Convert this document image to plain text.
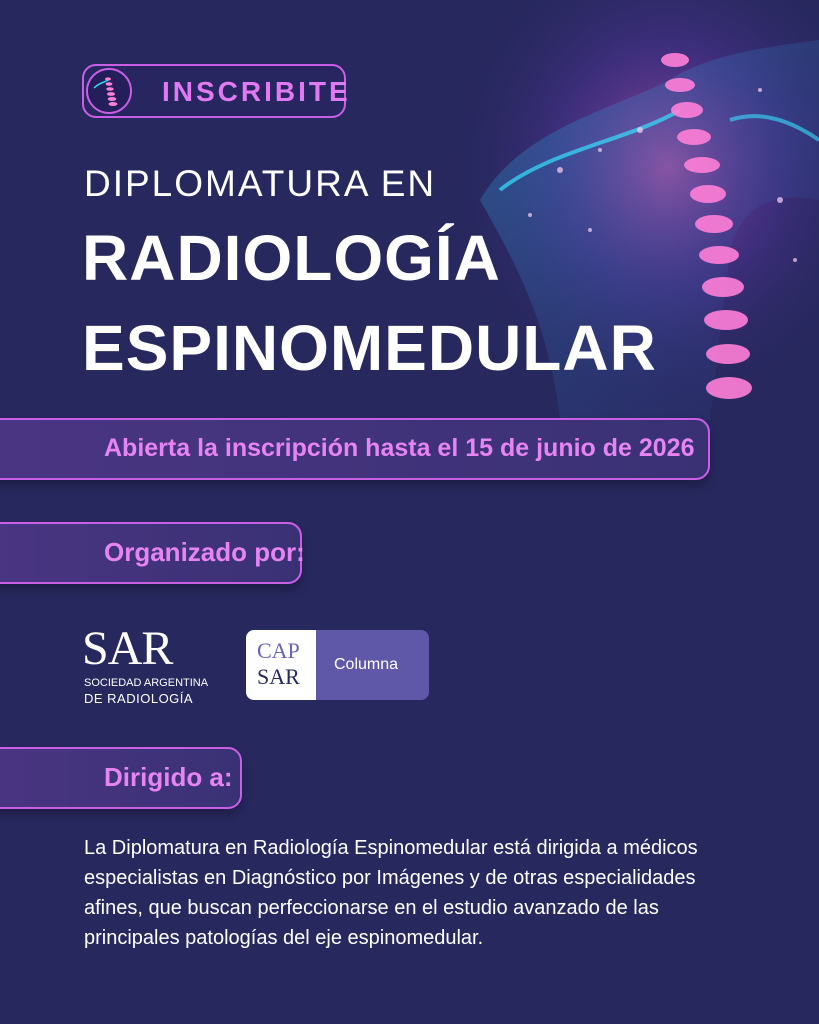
INSCRIBITE
DIPLOMATURA EN
RADIOLOGÍA
ESPINOMEDULAR
Abierta la inscripción hasta el 15 de junio de 2026
Organizado por:
SAR
SOCIEDAD ARGENTINA
DE RADIOLOGÍA
CAP
SAR Columna
Dirigido a:
La Diplomatura en Radiología Espinomedular está dirigida a médicos
especialistas en Diagnóstico por Imágenes y de otras especialidades
afines, que buscan perfeccionarse en el estudio avanzado de las
principales patologías del eje espinomedular.
